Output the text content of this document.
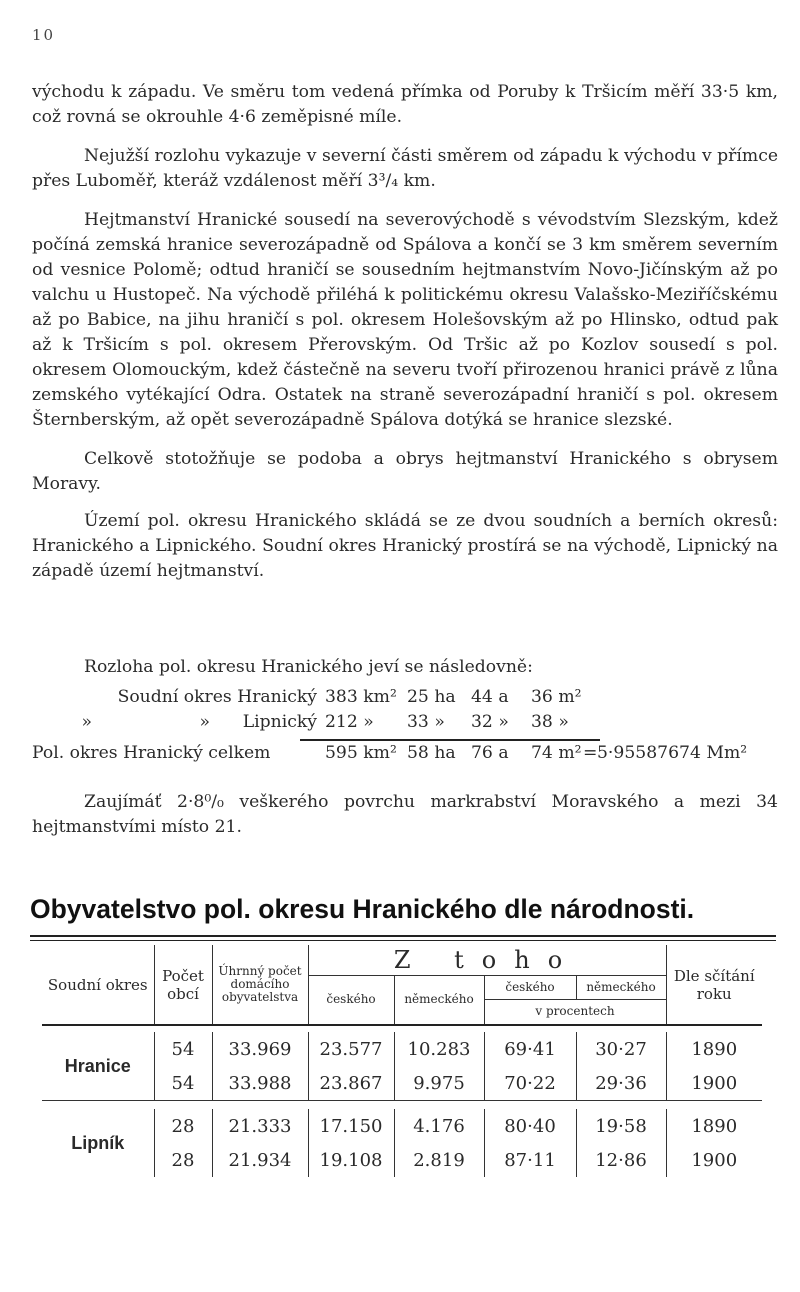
10

východu k západu. Ve směru tom vedená přímka od Poruby k Tršicím měří 33·5 km, což rovná se okrouhle 4·6 zeměpisné míle.

Nejužší rozlohu vykazuje v severní části směrem od západu k východu v přímce přes Luboměř, kteráž vzdálenost měří 3³/₄ km.

Hejtmanství Hranické sousedí na severovýchodě s vévodstvím Slezským, kdež počíná zemská hranice severozápadně od Spálova a končí se 3 km směrem severním od vesnice Polomě; odtud hraničí se sousedním hejtmanstvím Novo-Jičínským až po valchu u Hustopeč. Na východě přiléhá k politickému okresu Valašsko-Meziříčskému až po Babice, na jihu hraničí s pol. okresem Holešovským až po Hlinsko, odtud pak až k Tršicím s pol. okresem Přerovským. Od Tršic až po Kozlov sousedí s pol. okresem Olomouckým, kdež částečně na severu tvoří přirozenou hranici právě z lůna zemského vytékající Odra. Ostatek na straně severozápadní hraničí s pol. okresem Šternberským, až opět severozápadně Spálova dotýká se hranice slezské.

Celkově stotožňuje se podoba a obrys hejtmanství Hranického s obrysem Moravy.

Území pol. okresu Hranického skládá se ze dvou soudních a berních okresů: Hranického a Lipnického. Soudní okres Hranický prostírá se na východě, Lipnický na západě území hejtmanství.

Rozloha pol. okresu Hranického jeví se následovně:
Soudní okres Hranický 383 km² 25 ha 44 a	36 m²
»	»	Lipnický 212 »	33 »	32 »	38 »
Pol. okres Hranický celkem	595 km² 58 ha 76 a	74 m² = 5·95587674 Mm²
Zaujímáť 2·8⁰/₀ veškerého povrchu markrabství Moravského a mezi 34 hejtmanstvími místo 21.
Obyvatelstvo pol. okresu Hranického dle národnosti.
Soudní okres	Počet obcí	Úhrnný počet domácího obyvatelstva	Z toho				Dle sčítání roku
			českého	německého	českého	německého	
					v procentech		

Hranice	54	33.969	23.577	10.283	69·41	30·27	1890
	54	33.988	23.867	9.975	70·22	29·36	1900

Lipník	28	21.333	17.150	4.176	80·40	19·58	1890
	28	21.934	19.108	2.819	87·11	12·86	1900
